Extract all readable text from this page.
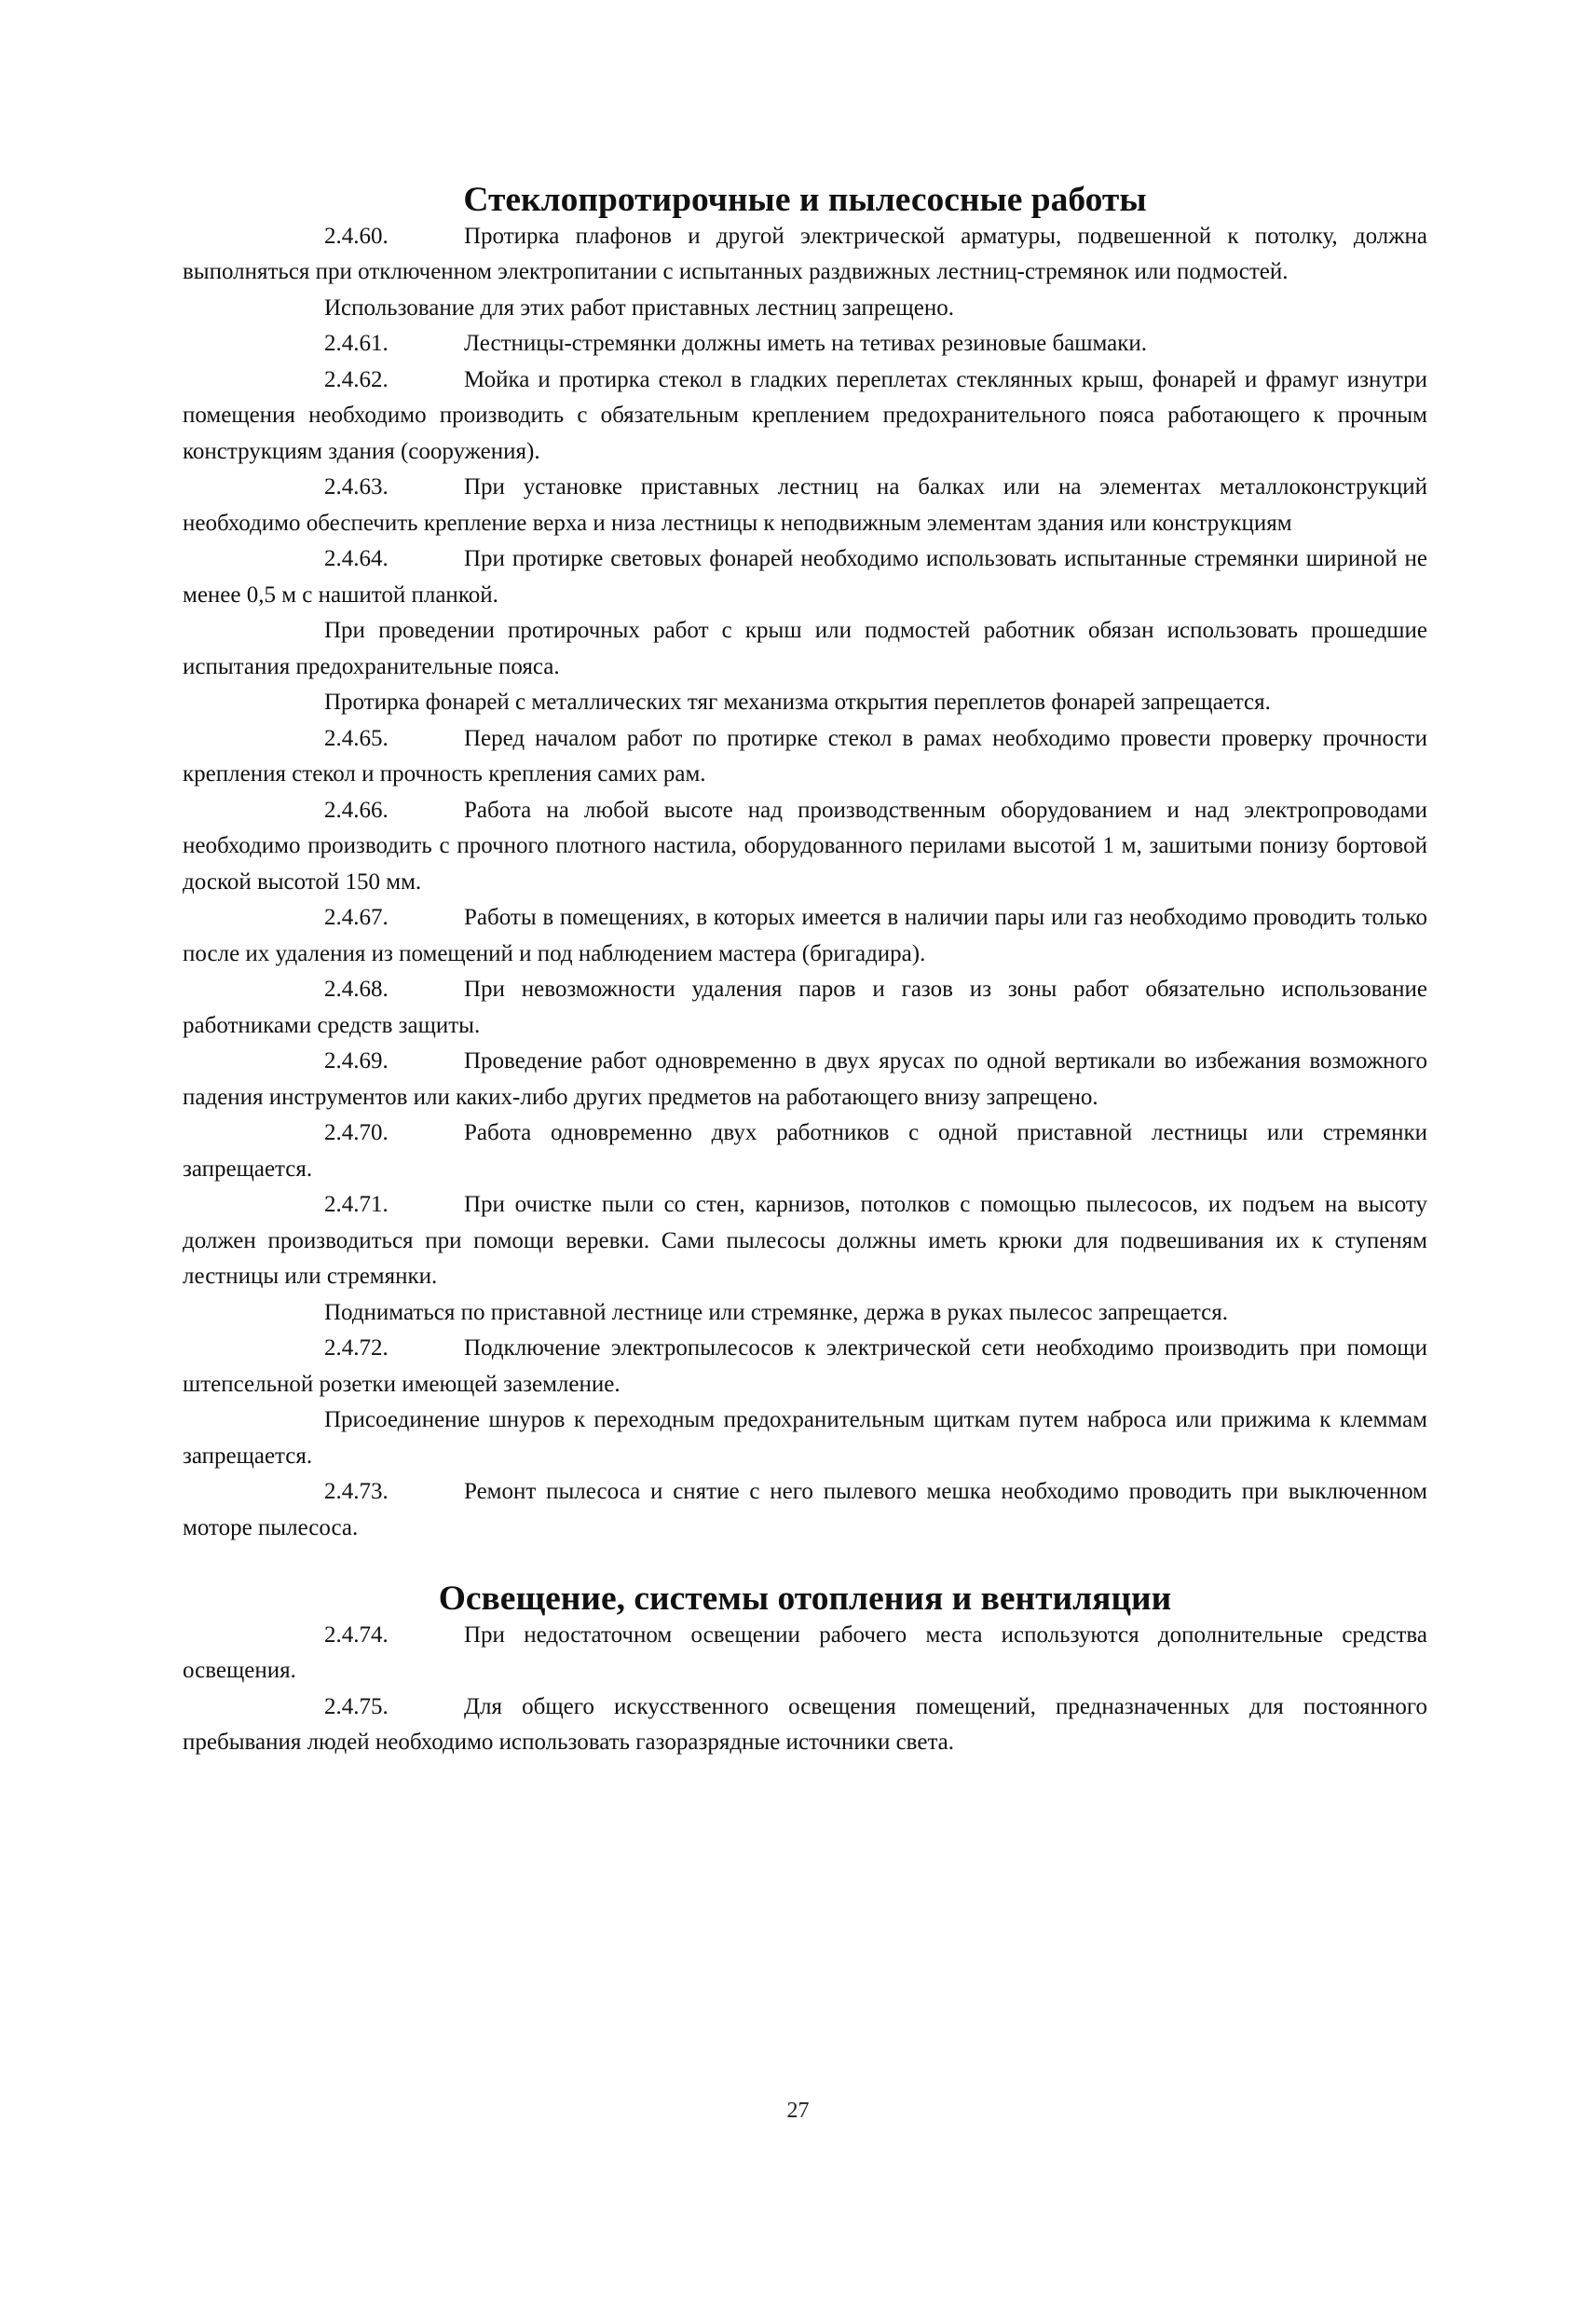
Стеклопротирочные и пылесосные работы

2.4.60.	Протирка плафонов и другой электрической арматуры, подвешенной к потолку, должна выполняться при отключенном электропитании с испытанных раздвижных лестниц-стремянок или подмостей.

Использование для этих работ приставных лестниц запрещено.

2.4.61.	Лестницы-стремянки должны иметь на тетивах резиновые башмаки.

2.4.62.	Мойка и протирка стекол в гладких переплетах стеклянных крыш, фонарей и фрамуг изнутри помещения необходимо производить с обязательным креплением предохранительного пояса работающего к прочным конструкциям здания (сооружения).

2.4.63.	При установке приставных лестниц на балках или на элементах металлоконструкций необходимо обеспечить крепление верха и низа лестницы к неподвижным элементам здания или конструкциям

2.4.64.	При протирке световых фонарей необходимо использовать испытанные стремянки шириной не менее 0,5 м с нашитой планкой.

При проведении протирочных работ с крыш или подмостей работник обязан использовать прошедшие испытания предохранительные пояса.

Протирка фонарей с металлических тяг механизма открытия переплетов фонарей запрещается.

2.4.65.	Перед началом работ по протирке стекол в рамах необходимо провести проверку прочности крепления стекол и прочность крепления самих рам.

2.4.66.	Работа на любой высоте над производственным оборудованием и над электропроводами необходимо производить с прочного плотного настила, оборудованного перилами высотой 1 м, зашитыми понизу бортовой доской высотой 150 мм.

2.4.67.	Работы в помещениях, в которых имеется в наличии пары или газ необходимо проводить только после их удаления из помещений и под наблюдением мастера (бригадира).

2.4.68.	При невозможности удаления паров и газов из зоны работ обязательно использование работниками средств защиты.

2.4.69.	Проведение работ одновременно в двух ярусах по одной вертикали во избежания возможного падения инструментов или каких-либо других предметов на работающего внизу запрещено.

2.4.70.	Работа одновременно двух работников с одной приставной лестницы или стремянки запрещается.

2.4.71.	При очистке пыли со стен, карнизов, потолков с помощью пылесосов, их подъем на высоту должен производиться при помощи веревки. Сами пылесосы должны иметь крюки для подвешивания их к ступеням лестницы или стремянки.

Подниматься по приставной лестнице или стремянке, держа в руках пылесос запрещается.

2.4.72.	Подключение электропылесосов к электрической сети необходимо производить при помощи штепсельной розетки имеющей заземление.

Присоединение шнуров к переходным предохранительным щиткам путем наброса или прижима к клеммам запрещается.

2.4.73.	Ремонт пылесоса и снятие с него пылевого мешка необходимо проводить при выключенном моторе пылесоса.

Освещение, системы отопления и вентиляции

2.4.74.	При недостаточном освещении рабочего места используются дополнительные средства освещения.

2.4.75.	Для общего искусственного освещения помещений, предназначенных для постоянного пребывания людей необходимо использовать газоразрядные источники света.

27
